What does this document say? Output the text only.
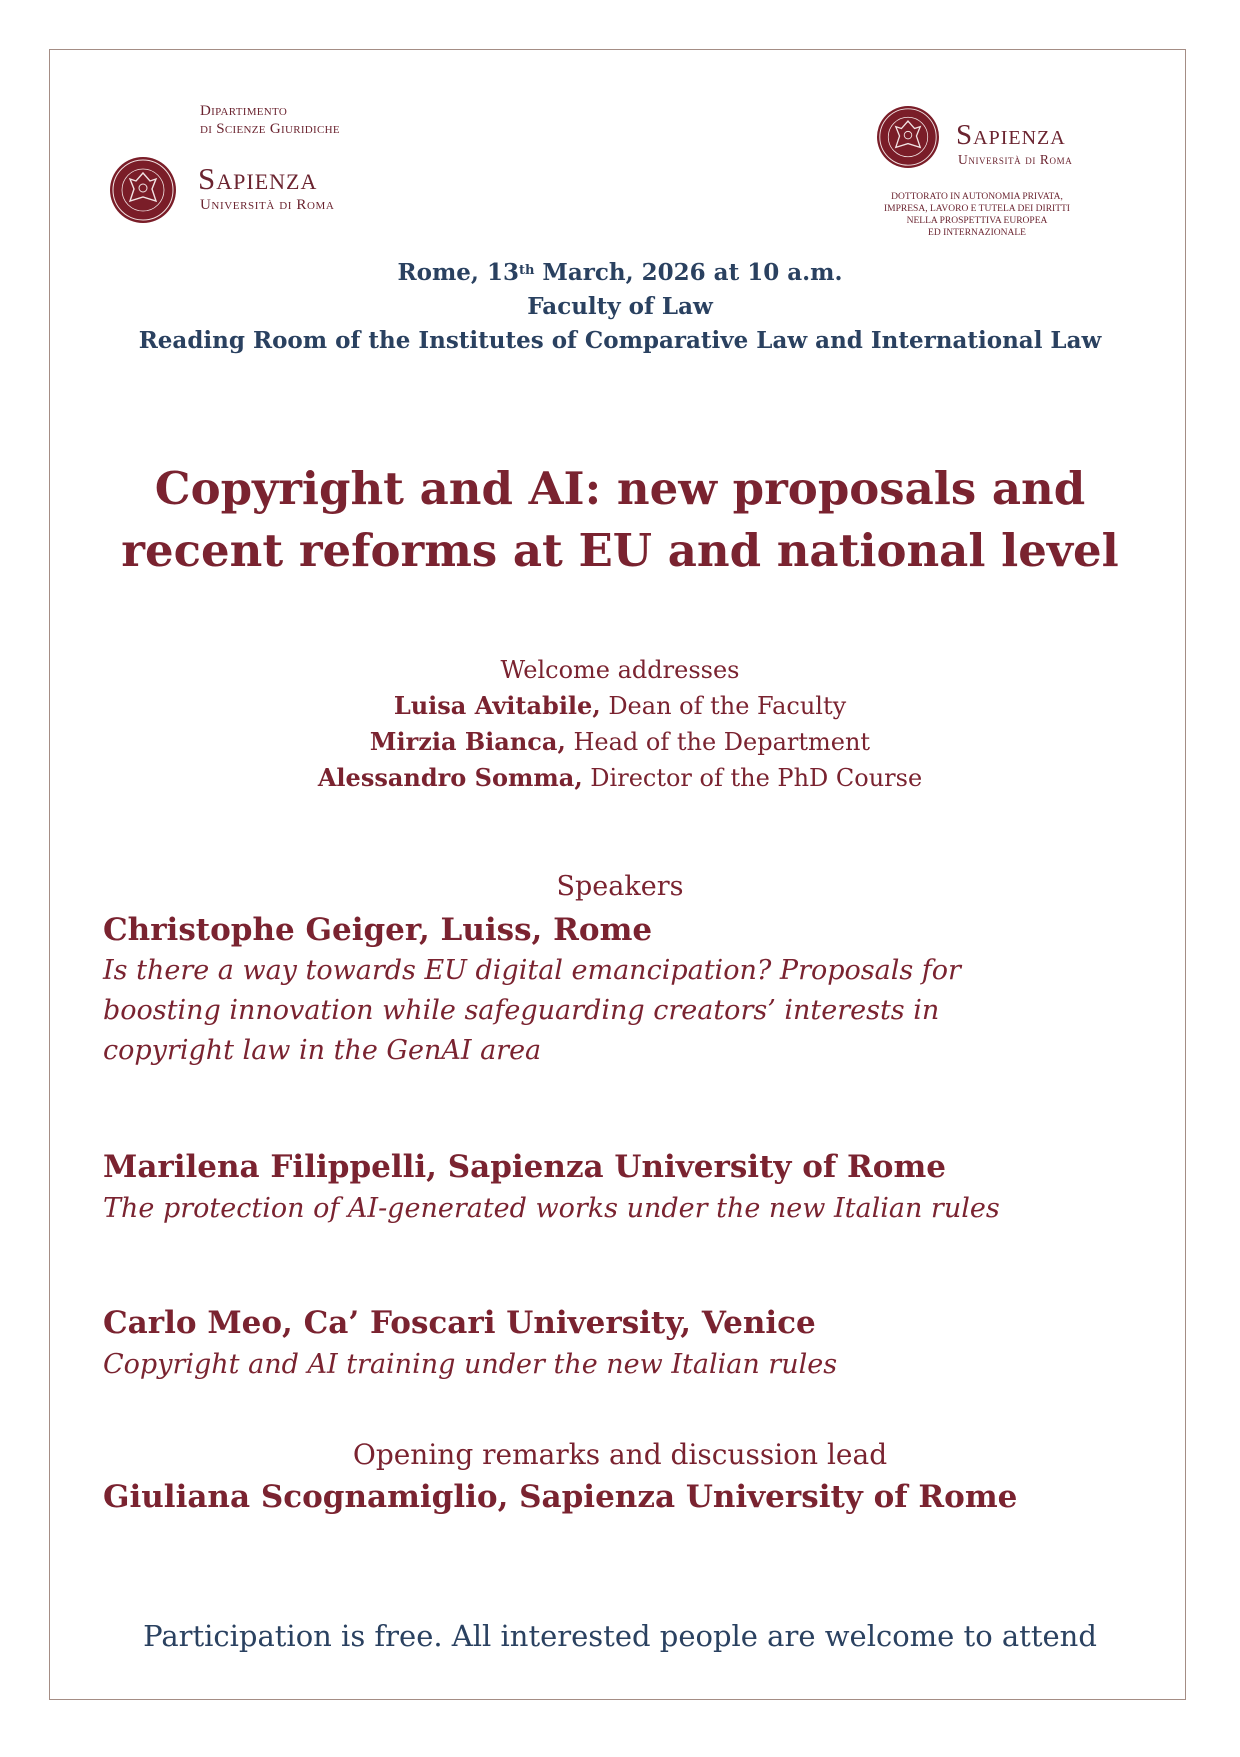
Dipartimento
di Scienze Giuridiche
Sapienza
Università di Roma
Sapienza
Università di Roma
DOTTORATO IN AUTONOMIA PRIVATA,
IMPRESA, LAVORO E TUTELA DEI DIRITTI
NELLA PROSPETTIVA EUROPEA
ED INTERNAZIONALE
Rome, 13th March, 2026 at 10 a.m.
Faculty of Law
Reading Room of the Institutes of Comparative Law and International Law
Copyright and AI: new proposals and
recent reforms at EU and national level
Welcome addresses
Luisa Avitabile, Dean of the Faculty
Mirzia Bianca, Head of the Department
Alessandro Somma, Director of the PhD Course
Speakers
Christophe Geiger, Luiss, Rome
Is there a way towards EU digital emancipation? Proposals for
boosting innovation while safeguarding creators’ interests in
copyright law in the GenAI area
Marilena Filippelli, Sapienza University of Rome
The protection of AI-generated works under the new Italian rules
Carlo Meo, Ca’ Foscari University, Venice
Copyright and AI training under the new Italian rules
Opening remarks and discussion lead
Giuliana Scognamiglio, Sapienza University of Rome
Participation is free. All interested people are welcome to attend
